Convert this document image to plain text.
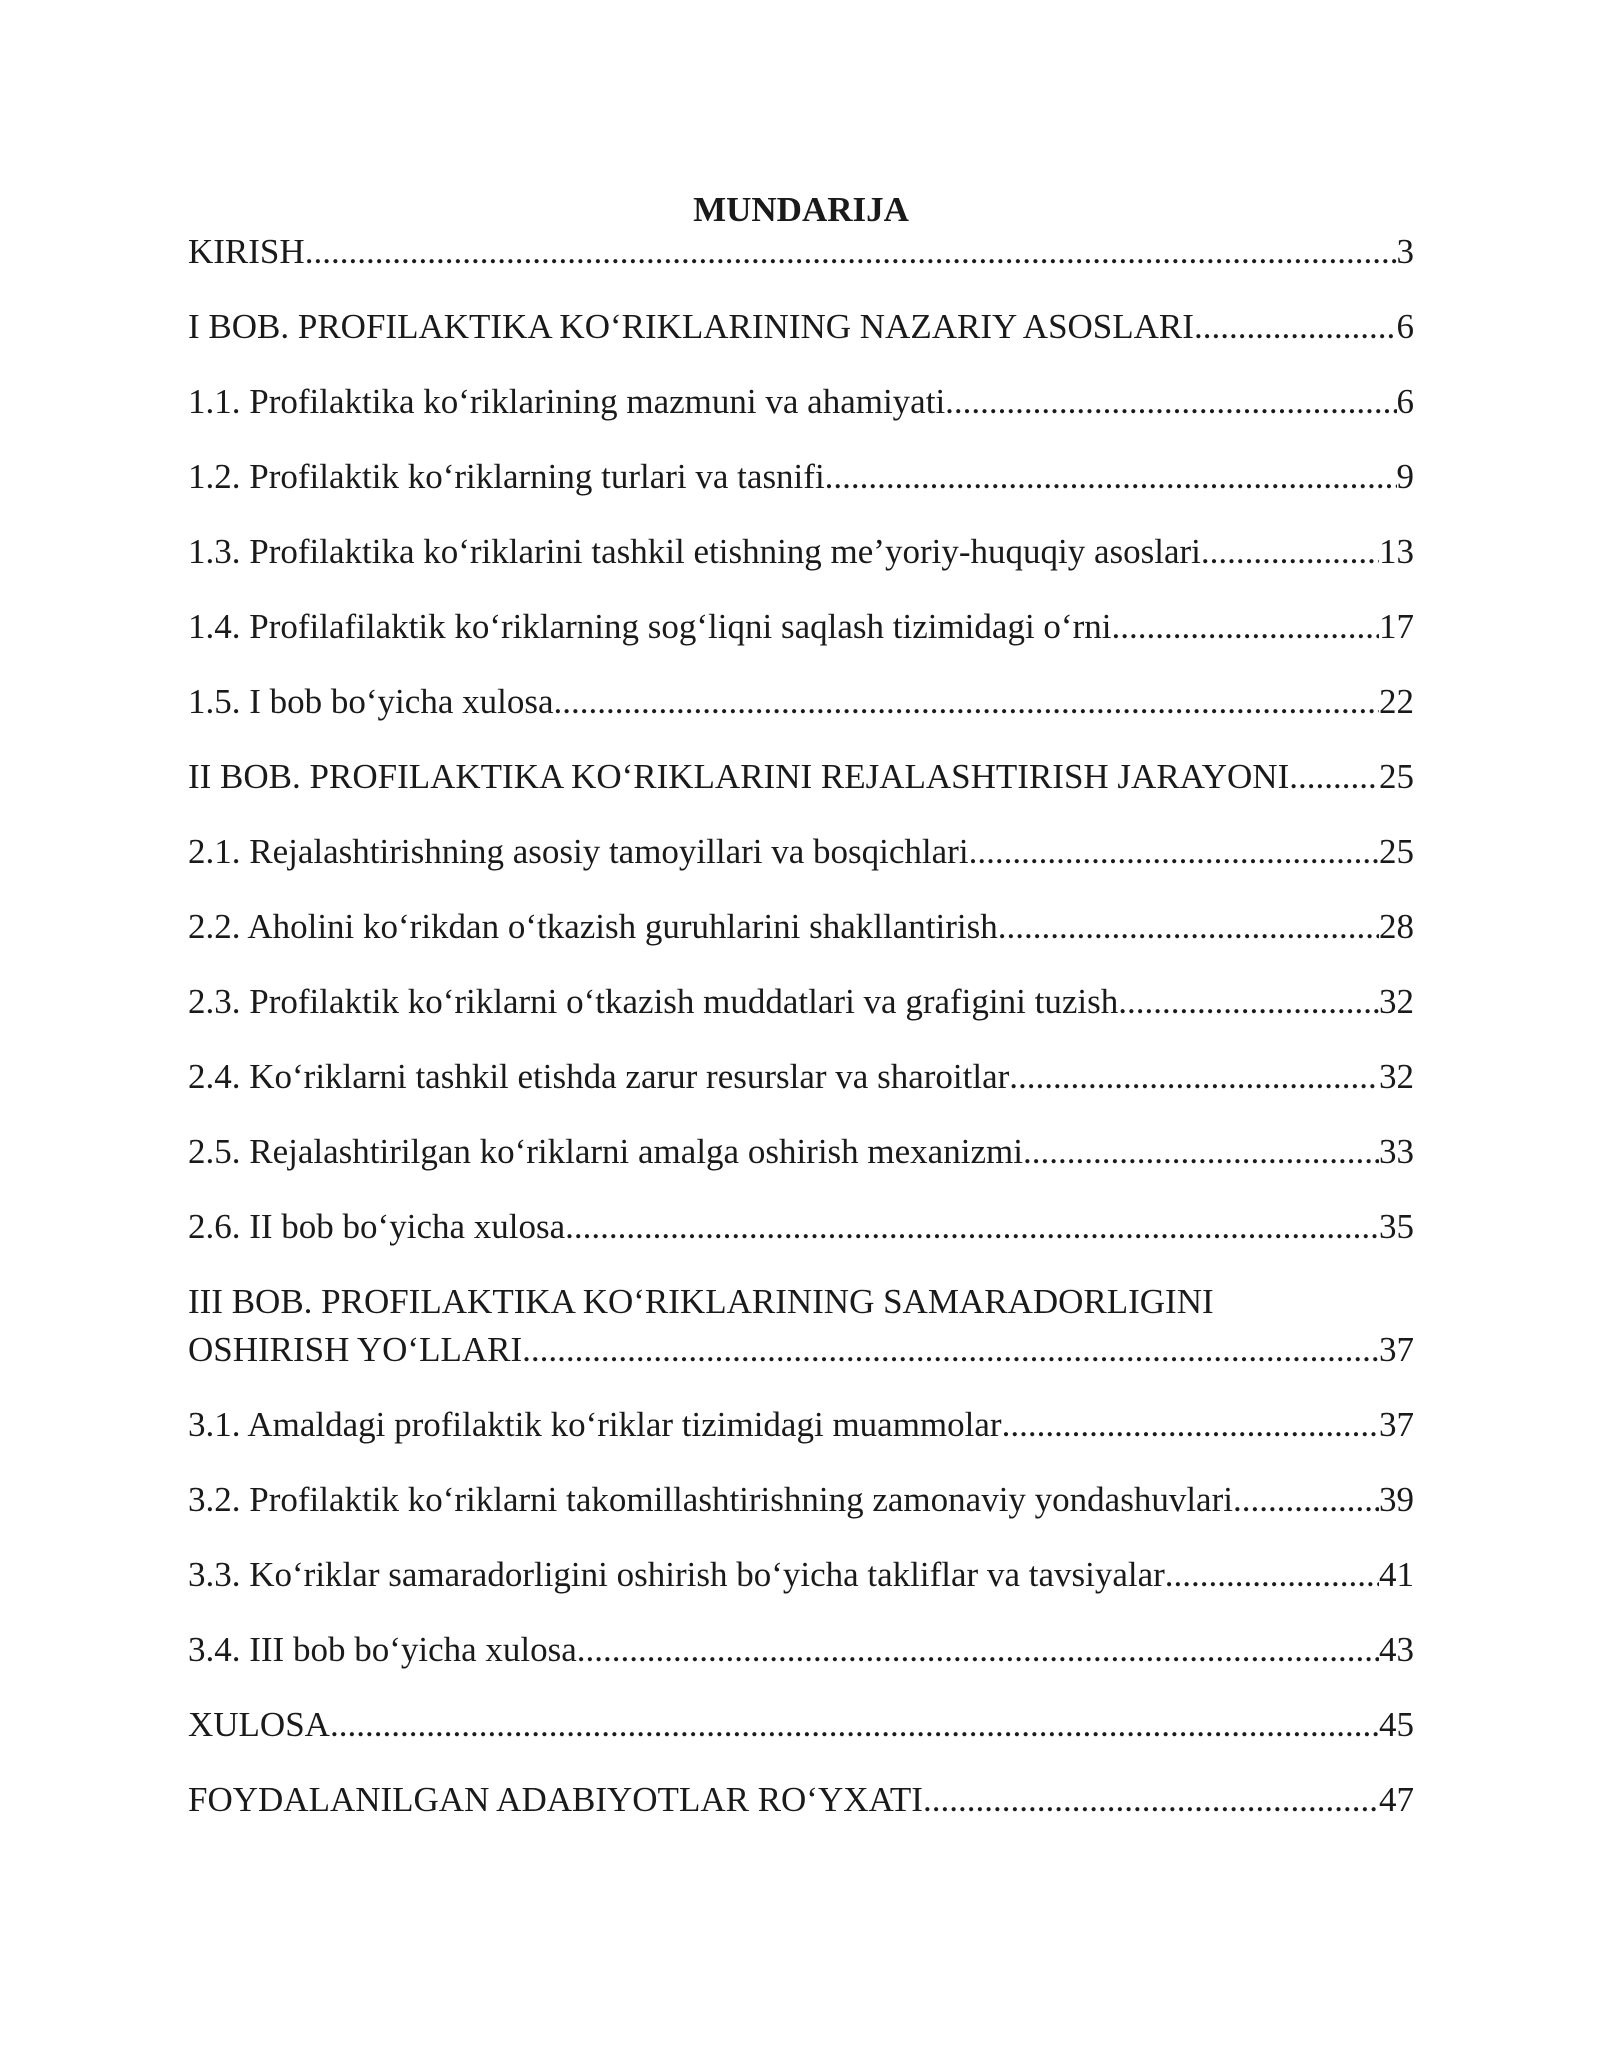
MUNDARIJA
KIRISH .....	3
I BOB. PROFILAKTIKA KO‘RIKLARINING NAZARIY ASOSLARI .....	6
1.1. Profilaktika ko‘riklarining mazmuni va ahamiyati .....	6
1.2. Profilaktik ko‘riklarning turlari va tasnifi .....	9
1.3. Profilaktika ko‘riklarini tashkil etishning me’yoriy-huquqiy asoslari .....	13
1.4. Profilafilaktik ko‘riklarning sog‘liqni saqlash tizimidagi o‘rni .....	17
1.5. I bob bo‘yicha xulosa .....	22
II BOB. PROFILAKTIKA KO‘RIKLARINI REJALASHTIRISH JARAYONI .....	25
2.1. Rejalashtirishning asosiy tamoyillari va bosqichlari .....	25
2.2. Aholini ko‘rikdan o‘tkazish guruhlarini shakllantirish .....	28
2.3. Profilaktik ko‘riklarni o‘tkazish muddatlari va grafigini tuzish .....	32
2.4. Ko‘riklarni tashkil etishda zarur resurslar va sharoitlar .....	32
2.5. Rejalashtirilgan ko‘riklarni amalga oshirish mexanizmi .....	33
2.6. II bob bo‘yicha xulosa .....	35
III BOB. PROFILAKTIKA KO‘RIKLARINING SAMARADORLIGINI
OSHIRISH YO‘LLARI .....	37
3.1. Amaldagi profilaktik ko‘riklar tizimidagi muammolar .....	37
3.2. Profilaktik ko‘riklarni takomillashtirishning zamonaviy yondashuvlari .....	39
3.3. Ko‘riklar samaradorligini oshirish bo‘yicha takliflar va tavsiyalar .....	41
3.4. III bob bo‘yicha xulosa .....	43
XULOSA .....	45
FOYDALANILGAN ADABIYOTLAR RO‘YXATI .....	47
